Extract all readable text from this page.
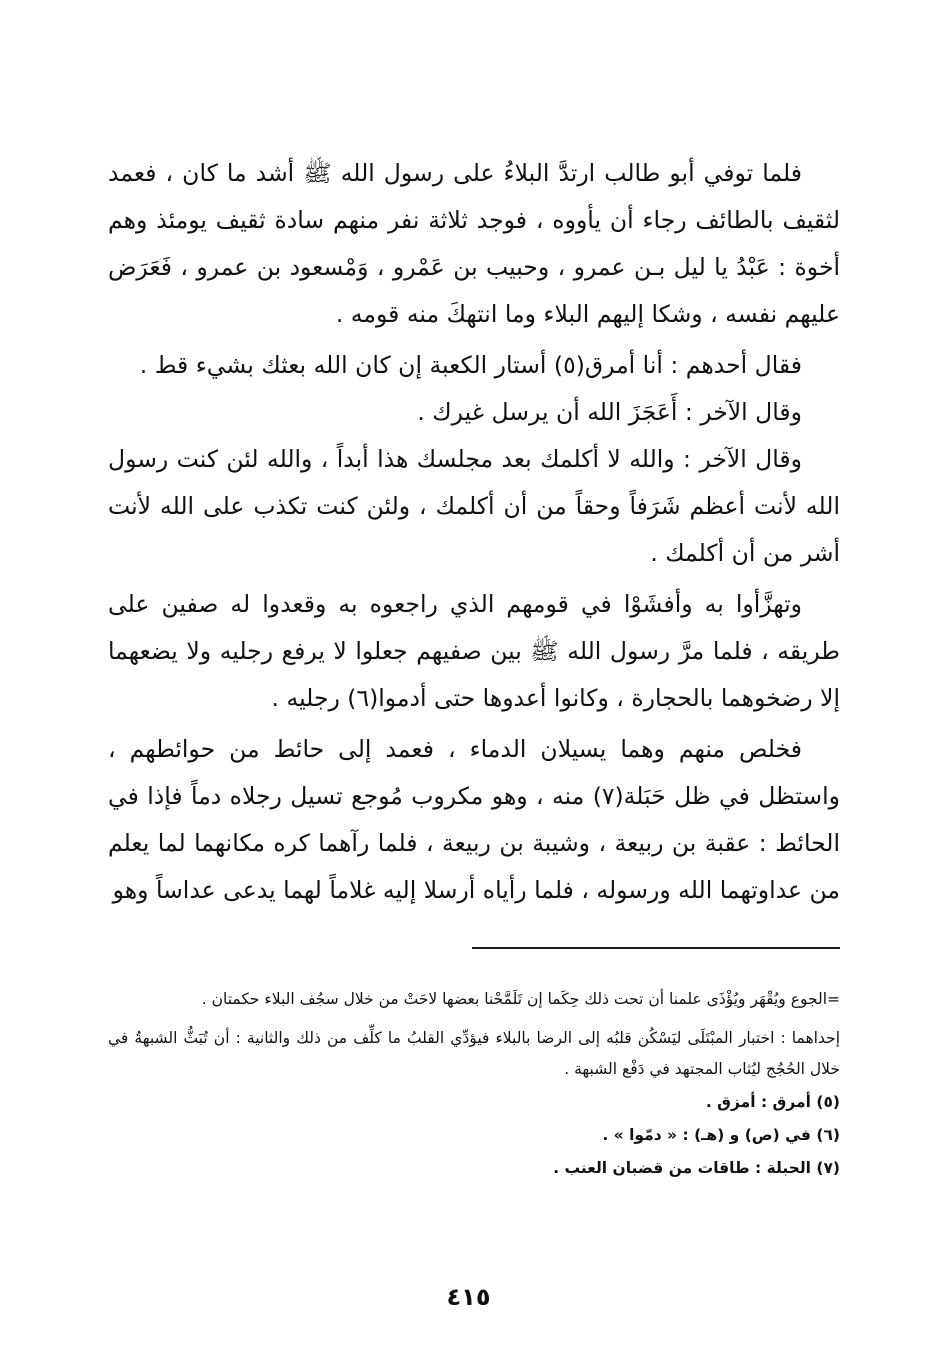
فلما توفي أبو طالب ارتدَّ البلاءُ على رسول الله ﷺ أشد ما كان ، فعمد لثقيف بالطائف رجاء أن يأووه ، فوجد ثلاثة نفر منهم سادة ثقيف يومئذ وهم أخوة : عَبْدُ يا ليل بـن عمرو ، وحبيب بن عَمْرو ، وَمْسعود بن عمرو ، فَعَرَض عليهم نفسه ، وشكا إليهم البلاء وما انتهكَ منه قومه .

فقال أحدهم : أنا أمرق(٥) أستار الكعبة إن كان الله بعثك بشيء قط .

وقال الآخر : أَعَجَزَ الله أن يرسل غيرك .

وقال الآخر : والله لا أكلمك بعد مجلسك هذا أبداً ، والله لئن كنت رسول الله لأنت أعظم شَرَفاً وحقاً من أن أكلمك ، ولئن كنت تكذب على الله لأنت أشر من أن أكلمك .

وتهزَّأوا به وأفشَوْا في قومهم الذي راجعوه به وقعدوا له صفين على طريقه ، فلما مرَّ رسول الله ﷺ بين صفيهم جعلوا لا يرفع رجليه ولا يضعهما إلا رضخوهما بالحجارة ، وكانوا أعدوها حتى أدموا(٦) رجليه .

فخلص منهم وهما يسيلان الدماء ، فعمد إلى حائط من حوائطهم ، واستظل في ظل حَبَلة(٧) منه ، وهو مكروب مُوجع تسيل رجلاه دماً فإذا في الحائط : عقبة بن ربيعة ، وشيبة بن ربيعة ، فلما رآهما كره مكانهما لما يعلم من عداوتهما الله ورسوله ، فلما رأياه أرسلا إليه غلاماً لهما يدعى عداساً وهو

=الجوع ويُقْهَر ويُؤْذَى علمنا أن تحت ذلك حِكَما إن تَلَمَّحْنا بعضها لاحَتْ من خلال سجُف البلاء حكمتان .

إحداهما : اختبار المبْتَلَى ليَسْكُن قلبُه إلى الرضا بالبلاء فيؤدِّي القلبُ ما كلِّف من ذلك والثانية : أن تُبَثُّ الشبهةُ في خلال الحُجُج ليُثاب المجتهد في دَفْع الشبهة .

(٥) أمرق : أمزق .

(٦) في (ص) و (هـ) : « دمّوا » .

(٧) الحبلة : طاقات من قضبان العنب .

٤١٥
